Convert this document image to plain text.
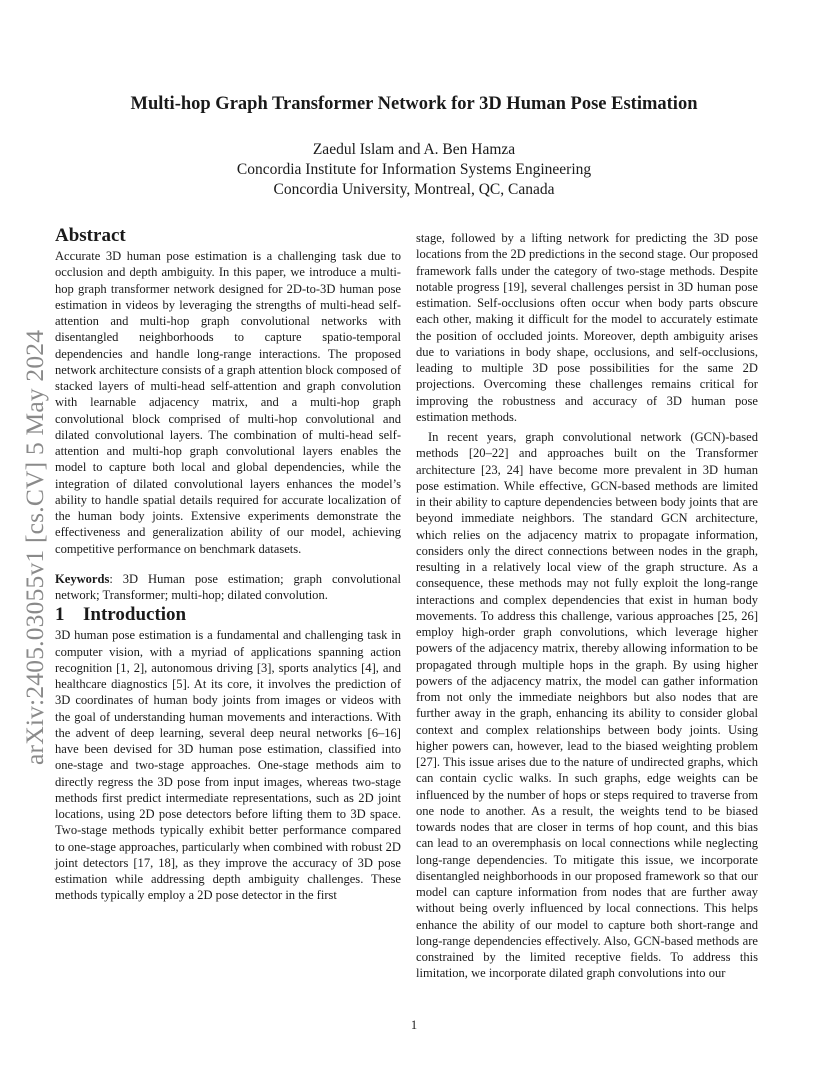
arXiv:2405.03055v1 [cs.CV] 5 May 2024
Multi-hop Graph Transformer Network for 3D Human Pose Estimation
Zaedul Islam and A. Ben Hamza
Concordia Institute for Information Systems Engineering
Concordia University, Montreal, QC, Canada
Abstract

Accurate 3D human pose estimation is a challenging task due to occlusion and depth ambiguity. In this paper, we introduce a multi-hop graph transformer network designed for 2D-to-3D human pose estimation in videos by leveraging the strengths of multi-head self-attention and multi-hop graph convolutional networks with disentangled neighborhoods to capture spatio-temporal dependencies and handle long-range interactions. The proposed network architecture consists of a graph attention block composed of stacked layers of multi-head self-attention and graph convolution with learnable adjacency matrix, and a multi-hop graph convolutional block comprised of multi-hop convolutional and dilated convolutional layers. The combination of multi-head self-attention and multi-hop graph convolutional layers enables the model to capture both local and global dependencies, while the integration of dilated convolutional layers enhances the model’s ability to handle spatial details required for accurate localization of the human body joints. Extensive experiments demonstrate the effectiveness and generalization ability of our model, achieving competitive performance on benchmark datasets.

Keywords: 3D Human pose estimation; graph convolutional network; Transformer; multi-hop; dilated convolution.

1 Introduction

3D human pose estimation is a fundamental and challenging task in computer vision, with a myriad of applications spanning action recognition [1, 2], autonomous driving [3], sports analytics [4], and healthcare diagnostics [5]. At its core, it involves the prediction of 3D coordinates of human body joints from images or videos with the goal of understanding human movements and interactions. With the advent of deep learning, several deep neural networks [6–16] have been devised for 3D human pose estimation, classified into one-stage and two-stage approaches. One-stage methods aim to directly regress the 3D pose from input images, whereas two-stage methods first predict intermediate representations, such as 2D joint locations, using 2D pose detectors before lifting them to 3D space. Two-stage methods typically exhibit better performance compared to one-stage approaches, particularly when combined with robust 2D joint detectors [17, 18], as they improve the accuracy of 3D pose estimation while addressing depth ambiguity challenges. These methods typically employ a 2D pose detector in the first

stage, followed by a lifting network for predicting the 3D pose locations from the 2D predictions in the second stage. Our proposed framework falls under the category of two-stage methods. Despite notable progress [19], several challenges persist in 3D human pose estimation. Self-occlusions often occur when body parts obscure each other, making it difficult for the model to accurately estimate the position of occluded joints. Moreover, depth ambiguity arises due to variations in body shape, occlusions, and self-occlusions, leading to multiple 3D pose possibilities for the same 2D projections. Overcoming these challenges remains critical for improving the robustness and accuracy of 3D human pose estimation methods.

In recent years, graph convolutional network (GCN)-based methods [20–22] and approaches built on the Transformer architecture [23, 24] have become more prevalent in 3D human pose estimation. While effective, GCN-based methods are limited in their ability to capture dependencies between body joints that are beyond immediate neighbors. The standard GCN architecture, which relies on the adjacency matrix to propagate information, considers only the direct connections between nodes in the graph, resulting in a relatively local view of the graph structure. As a consequence, these methods may not fully exploit the long-range interactions and complex dependencies that exist in human body movements. To address this challenge, various approaches [25, 26] employ high-order graph convolutions, which leverage higher powers of the adjacency matrix, thereby allowing information to be propagated through multiple hops in the graph. By using higher powers of the adjacency matrix, the model can gather information from not only the immediate neighbors but also nodes that are further away in the graph, enhancing its ability to consider global context and complex relationships between body joints. Using higher powers can, however, lead to the biased weighting problem [27]. This issue arises due to the nature of undirected graphs, which can contain cyclic walks. In such graphs, edge weights can be influenced by the number of hops or steps required to traverse from one node to another. As a result, the weights tend to be biased towards nodes that are closer in terms of hop count, and this bias can lead to an overemphasis on local connections while neglecting long-range dependencies. To mitigate this issue, we incorporate disentangled neighborhoods in our proposed framework so that our model can capture information from nodes that are further away without being overly influenced by local connections. This helps enhance the ability of our model to capture both short-range and long-range dependencies effectively. Also, GCN-based methods are constrained by the limited receptive fields. To address this limitation, we incorporate dilated graph convolutions into our

1
